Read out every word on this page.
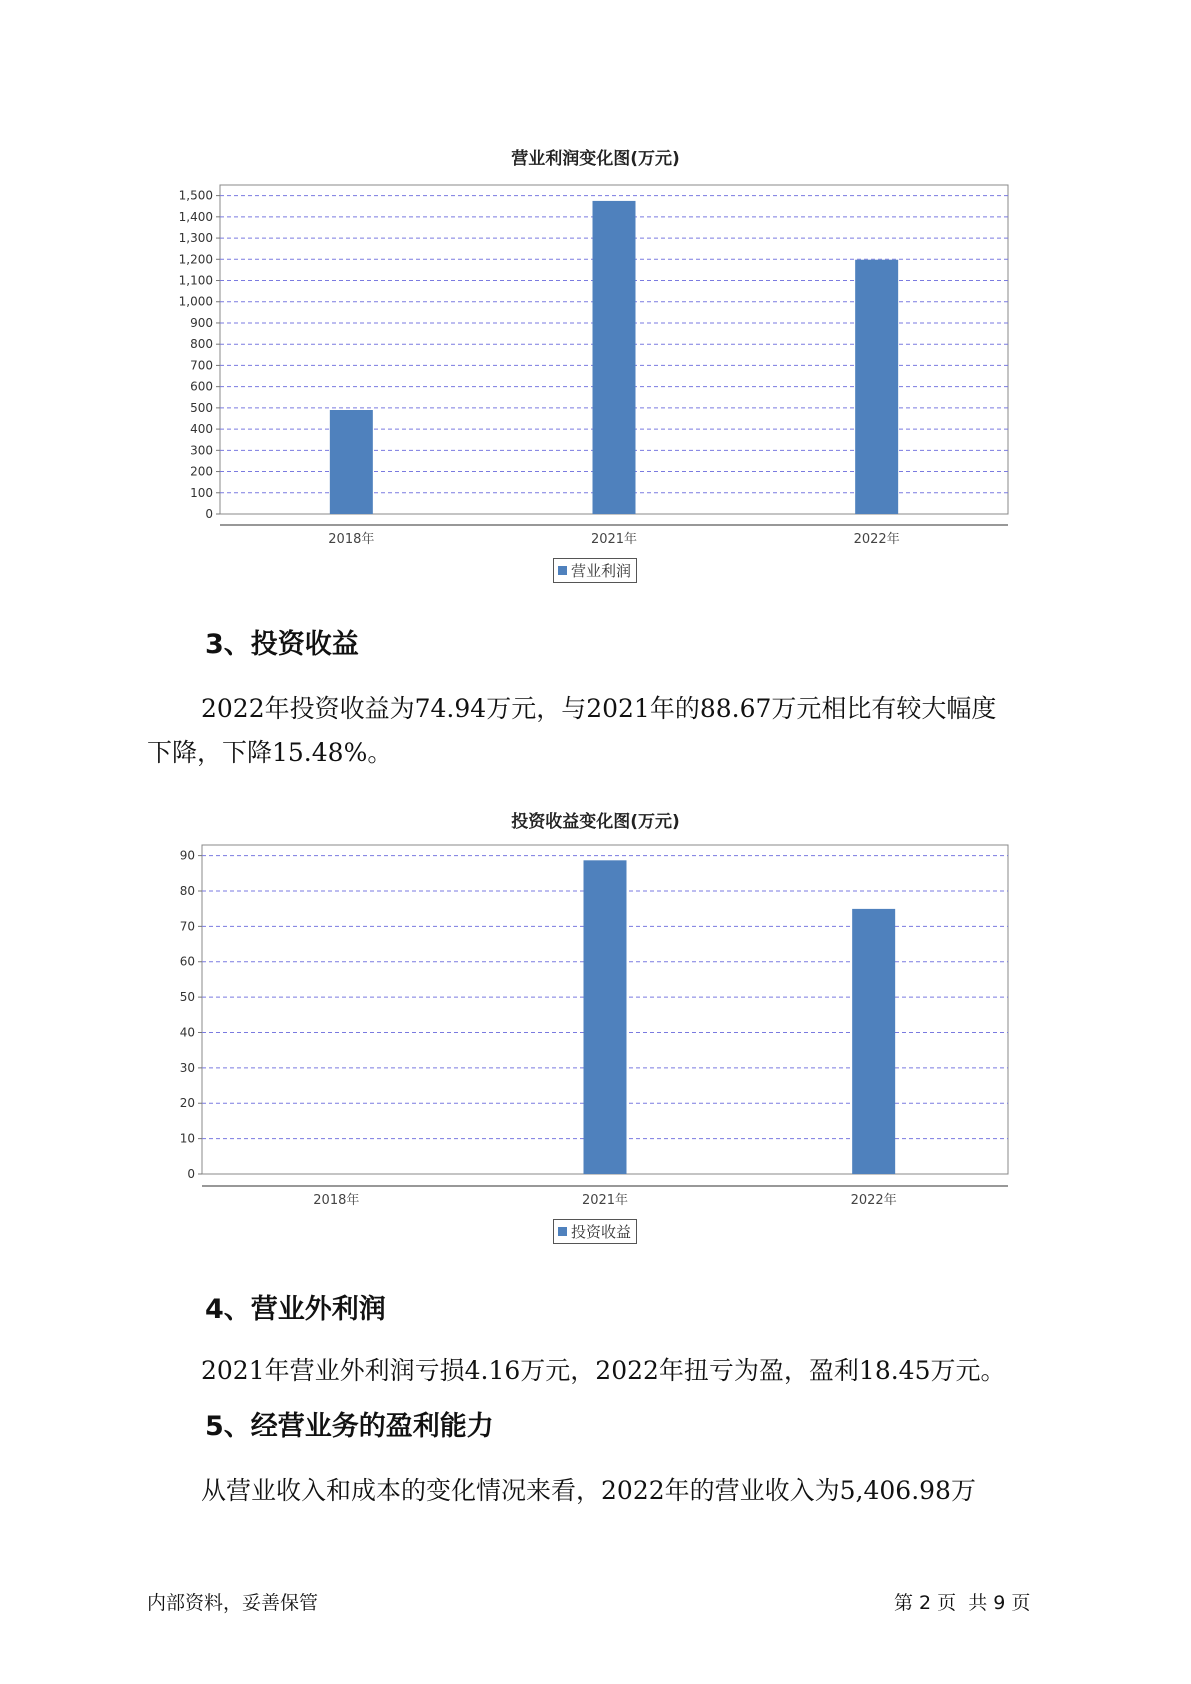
营业利润变化图(万元)
0
100
200
300
400
500
600
700
800
900
1,000
1,100
1,200
1,300
1,400
1,500
2018年	2021年	2022年
营业利润
3、投资收益
2022年投资收益为74.94万元，与2021年的88.67万元相比有较大幅度
下降，下降15.48%。
投资收益变化图(万元)
0
10
20
30
40
50
60
70
80
90
2018年	2021年	2022年
投资收益
4、营业外利润
2021年营业外利润亏损4.16万元，2022年扭亏为盈，盈利18.45万元。
5、经营业务的盈利能力
从营业收入和成本的变化情况来看，2022年的营业收入为5,406.98万
内部资料，妥善保管	第 2 页  共 9 页
